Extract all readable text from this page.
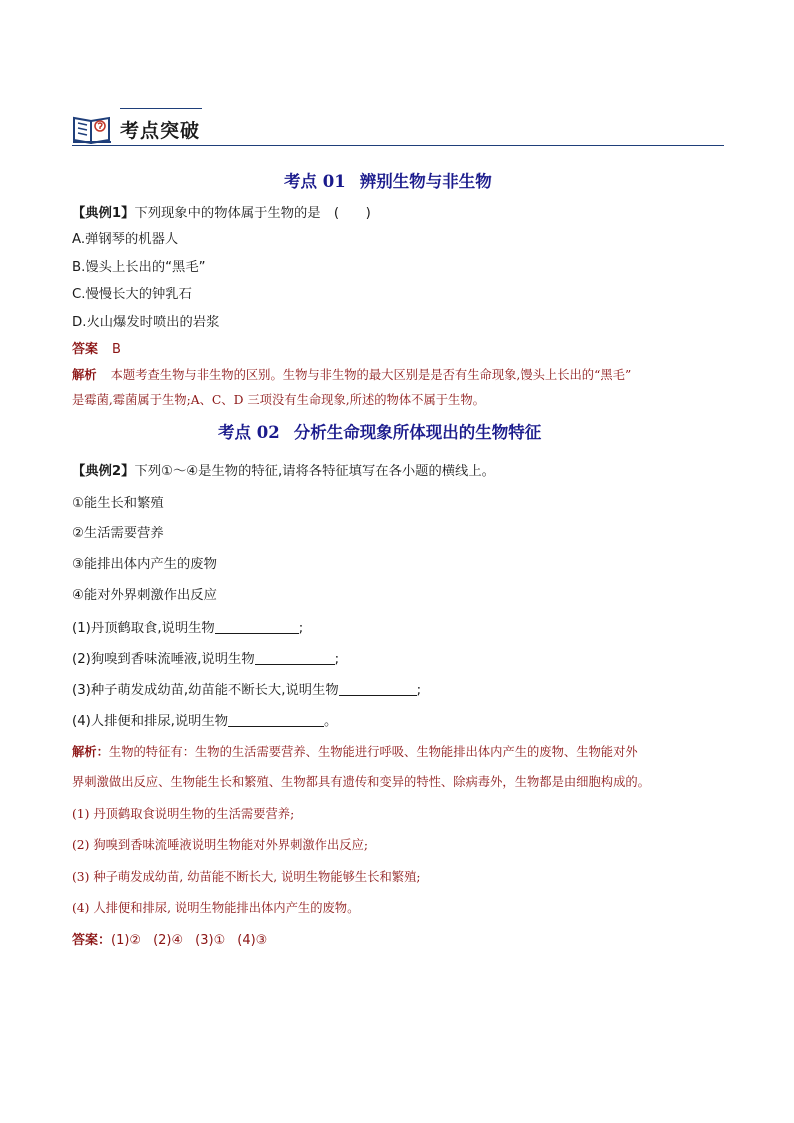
考点突破
考点 01 辨别生物与非生物
【典例1】下列现象中的物体属于生物的是　(　　)
A.弹钢琴的机器人
B.馒头上长出的“黑毛”
C.慢慢长大的钟乳石
D.火山爆发时喷出的岩浆
答案 B
解析 本题考查生物与非生物的区别。生物与非生物的最大区别是是否有生命现象,馒头上长出的“黑毛”
是霉菌,霉菌属于生物;A、C、D 三项没有生命现象,所述的物体不属于生物。
考点 02 分析生命现象所体现出的生物特征
【典例2】下列①～④是生物的特征,请将各特征填写在各小题的横线上。
①能生长和繁殖
②生活需要营养
③能排出体内产生的废物
④能对外界刺激作出反应
(1)丹顶鹤取食,说明生物	;
(2)狗嗅到香味流唾液,说明生物	;
(3)种子萌发成幼苗,幼苗能不断长大,说明生物	;
(4)人排便和排尿,说明生物	。
解析：生物的特征有：生物的生活需要营养、生物能进行呼吸、生物能排出体内产生的废物、生物能对外
界刺激做出反应、生物能生长和繁殖、生物都具有遗传和变异的特性、除病毒外，生物都是由细胞构成的。
(1) 丹顶鹤取食说明生物的生活需要营养;
(2) 狗嗅到香味流唾液说明生物能对外界刺激作出反应;
(3) 种子萌发成幼苗, 幼苗能不断长大, 说明生物能够生长和繁殖;
(4) 人排便和排尿, 说明生物能排出体内产生的废物。
答案：(1)② (2)④ (3)① (4)③
